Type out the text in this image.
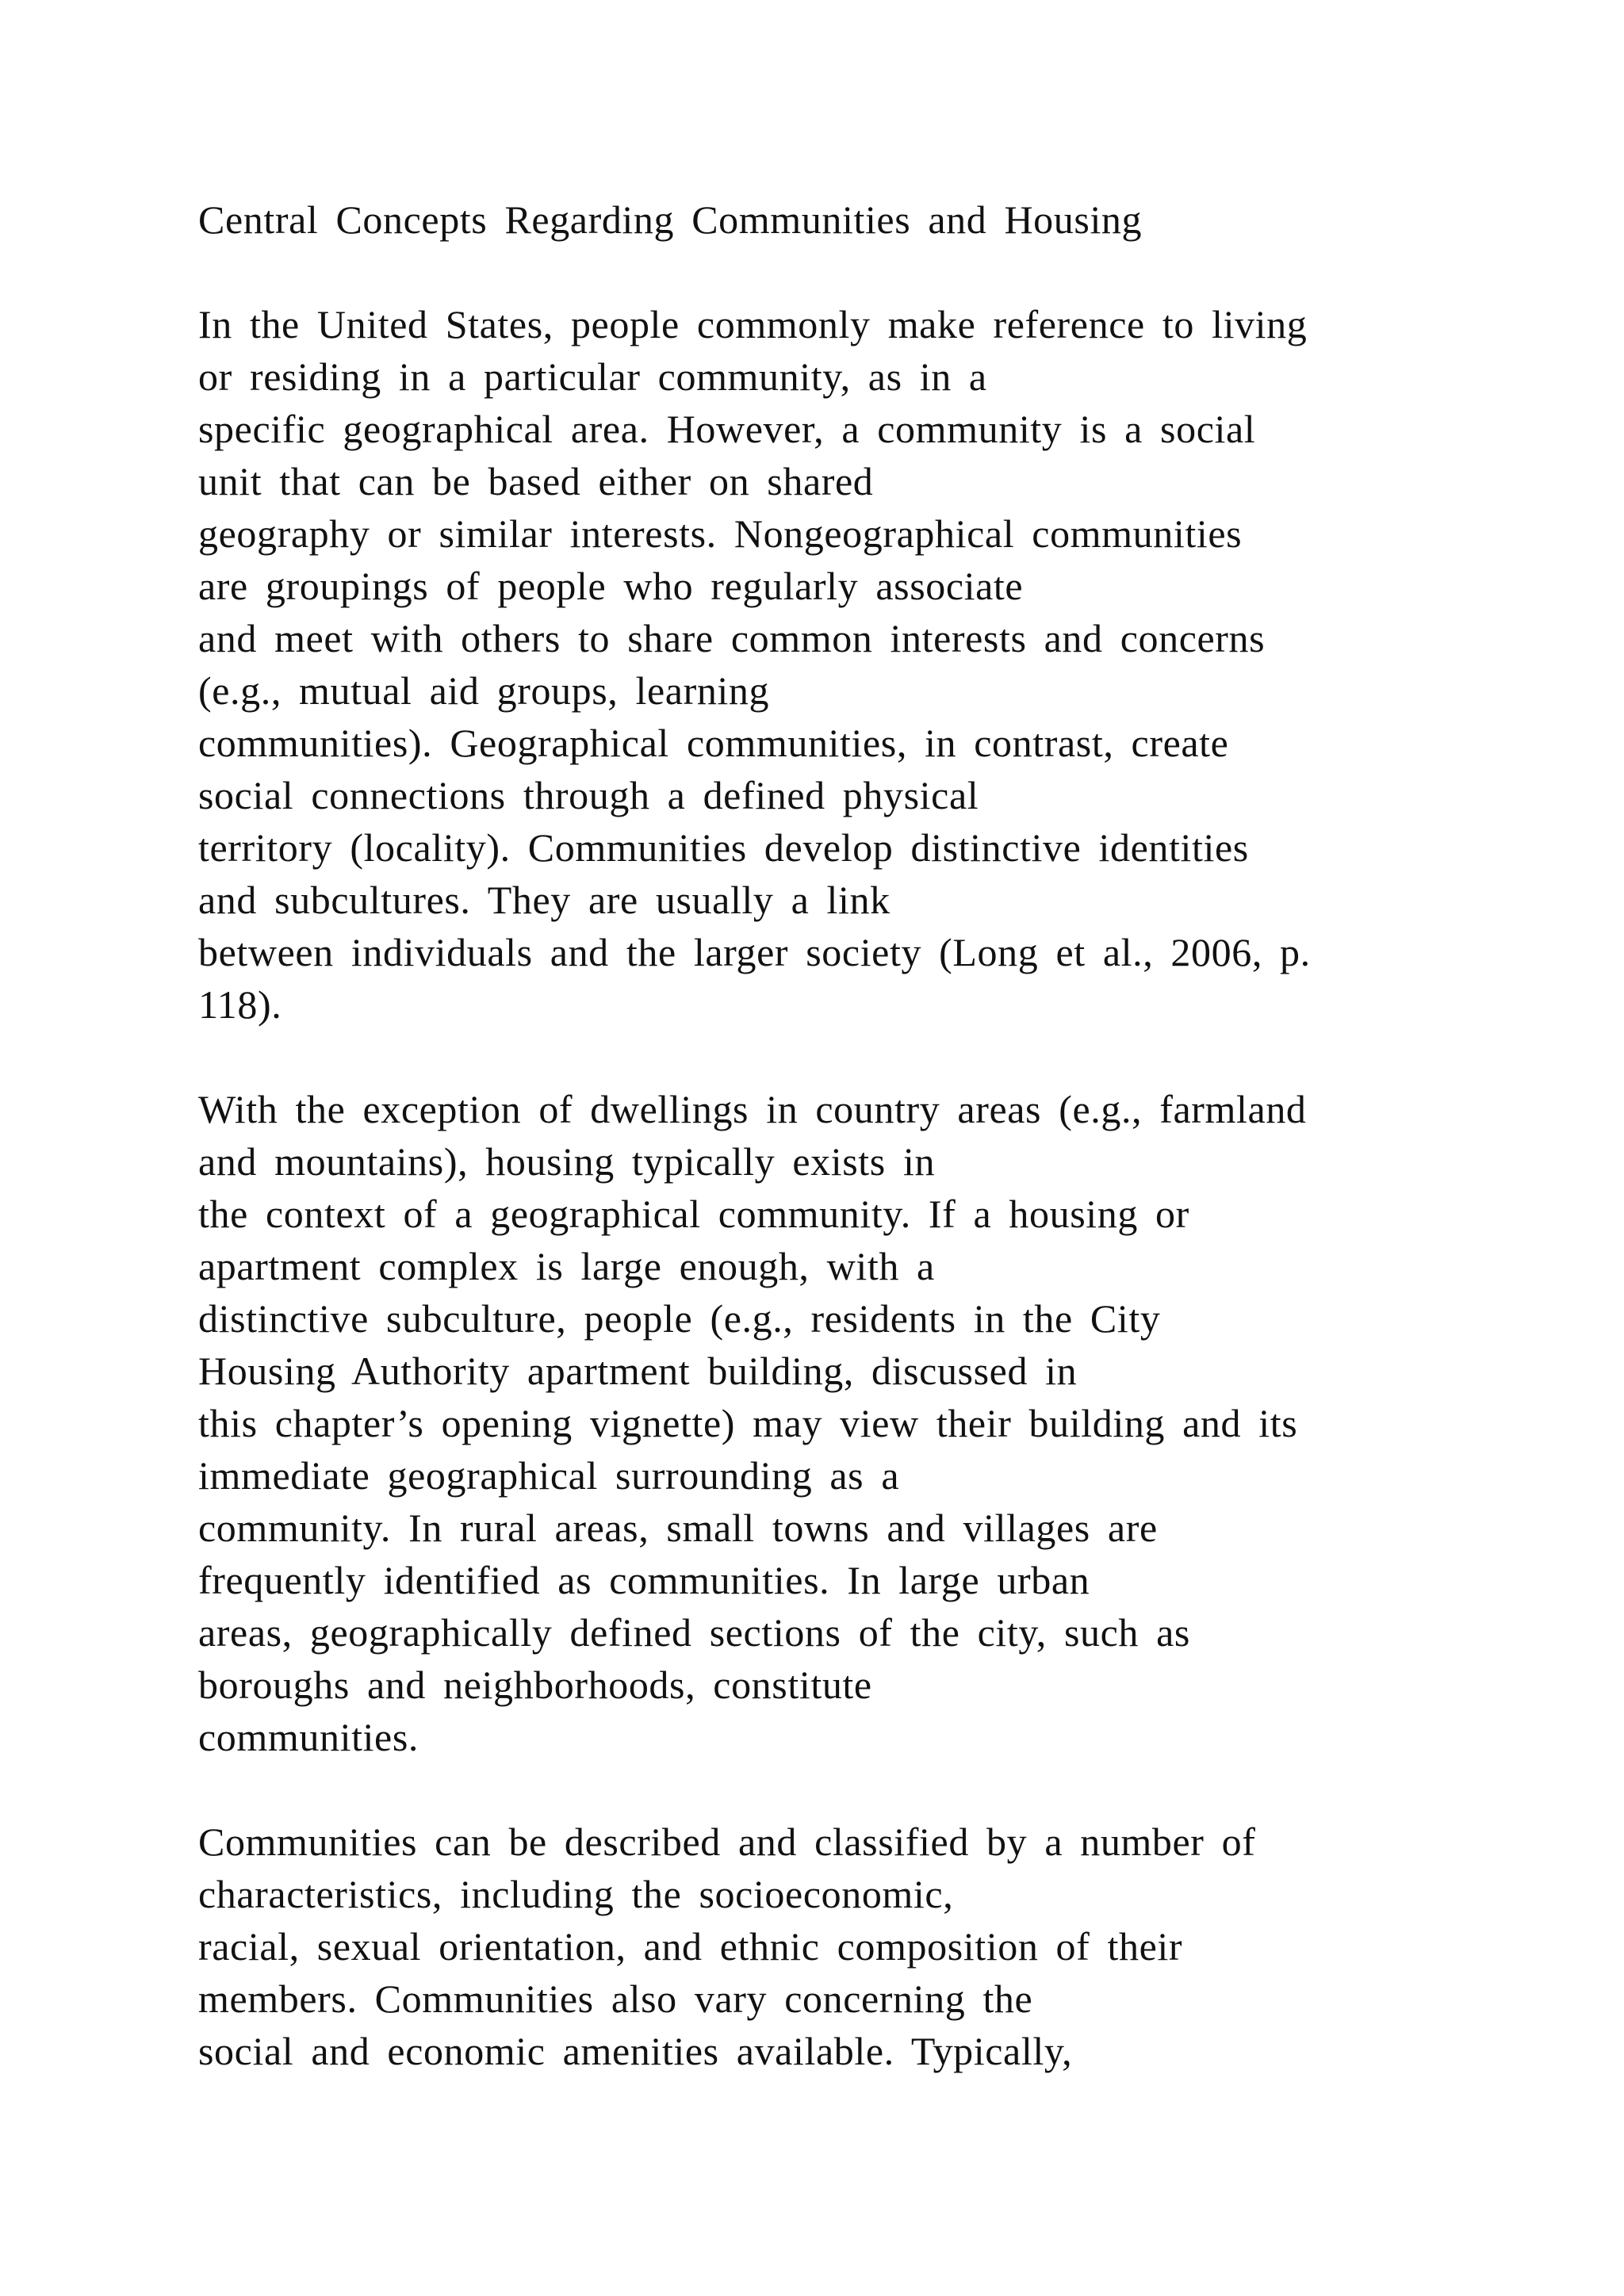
Central Concepts Regarding Communities and Housing
In the United States, people commonly make reference to living
or residing in a particular community, as in a
specific geographical area. However, a community is a social
unit that can be based either on shared
geography or similar interests. Nongeographical communities
are groupings of people who regularly associate
and meet with others to share common interests and concerns
(e.g., mutual aid groups, learning
communities). Geographical communities, in contrast, create
social connections through a defined physical
territory (locality). Communities develop distinctive identities
and subcultures. They are usually a link
between individuals and the larger society (Long et al., 2006, p.
118).
With the exception of dwellings in country areas (e.g., farmland
and mountains), housing typically exists in
the context of a geographical community. If a housing or
apartment complex is large enough, with a
distinctive subculture, people (e.g., residents in the City
Housing Authority apartment building, discussed in
this chapter’s opening vignette) may view their building and its
immediate geographical surrounding as a
community. In rural areas, small towns and villages are
frequently identified as communities. In large urban
areas, geographically defined sections of the city, such as
boroughs and neighborhoods, constitute
communities.
Communities can be described and classified by a number of
characteristics, including the socioeconomic,
racial, sexual orientation, and ethnic composition of their
members. Communities also vary concerning the
social and economic amenities available. Typically,
